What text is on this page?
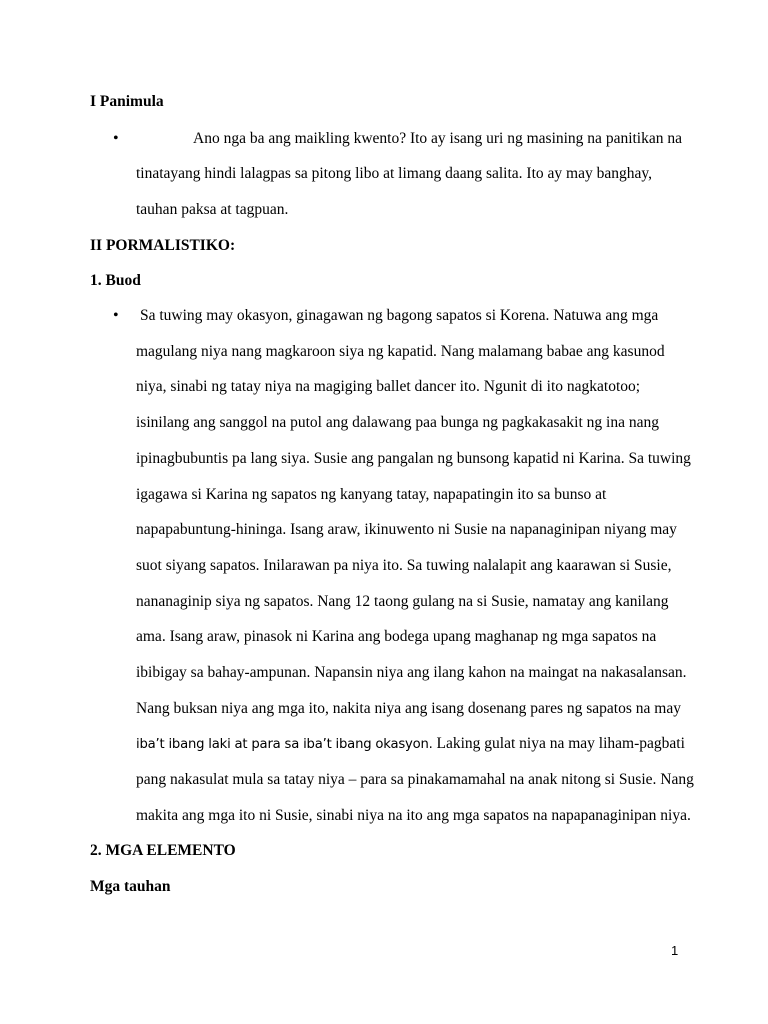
I Panimula
•	Ano nga ba ang maikling kwento? Ito ay isang uri ng masining na panitikan na
tinatayang hindi lalagpas sa pitong libo at limang daang salita. Ito ay may banghay,
tauhan paksa at tagpuan.
II PORMALISTIKO:
1. Buod
• Sa tuwing may okasyon, ginagawan ng bagong sapatos si Korena. Natuwa ang mga
magulang niya nang magkaroon siya ng kapatid. Nang malamang babae ang kasunod
niya, sinabi ng tatay niya na magiging ballet dancer ito. Ngunit di ito nagkatotoo;
isinilang ang sanggol na putol ang dalawang paa bunga ng pagkakasakit ng ina nang
ipinagbubuntis pa lang siya. Susie ang pangalan ng bunsong kapatid ni Karina. Sa tuwing
igagawa si Karina ng sapatos ng kanyang tatay, napapatingin ito sa bunso at
napapabuntung-hininga. Isang araw, ikinuwento ni Susie na napanaginipan niyang may
suot siyang sapatos. Inilarawan pa niya ito. Sa tuwing nalalapit ang kaarawan si Susie,
nananaginip siya ng sapatos. Nang 12 taong gulang na si Susie, namatay ang kanilang
ama. Isang araw, pinasok ni Karina ang bodega upang maghanap ng mga sapatos na
ibibigay sa bahay-ampunan. Napansin niya ang ilang kahon na maingat na nakasalansan.
Nang buksan niya ang mga ito, nakita niya ang isang dosenang pares ng sapatos na may
iba’t ibang laki at para sa iba’t ibang okasyon. Laking gulat niya na may liham-pagbati
pang nakasulat mula sa tatay niya – para sa pinakamamahal na anak nitong si Susie. Nang
makita ang mga ito ni Susie, sinabi niya na ito ang mga sapatos na napapanaginipan niya.
2. MGA ELEMENTO
Mga tauhan
1
